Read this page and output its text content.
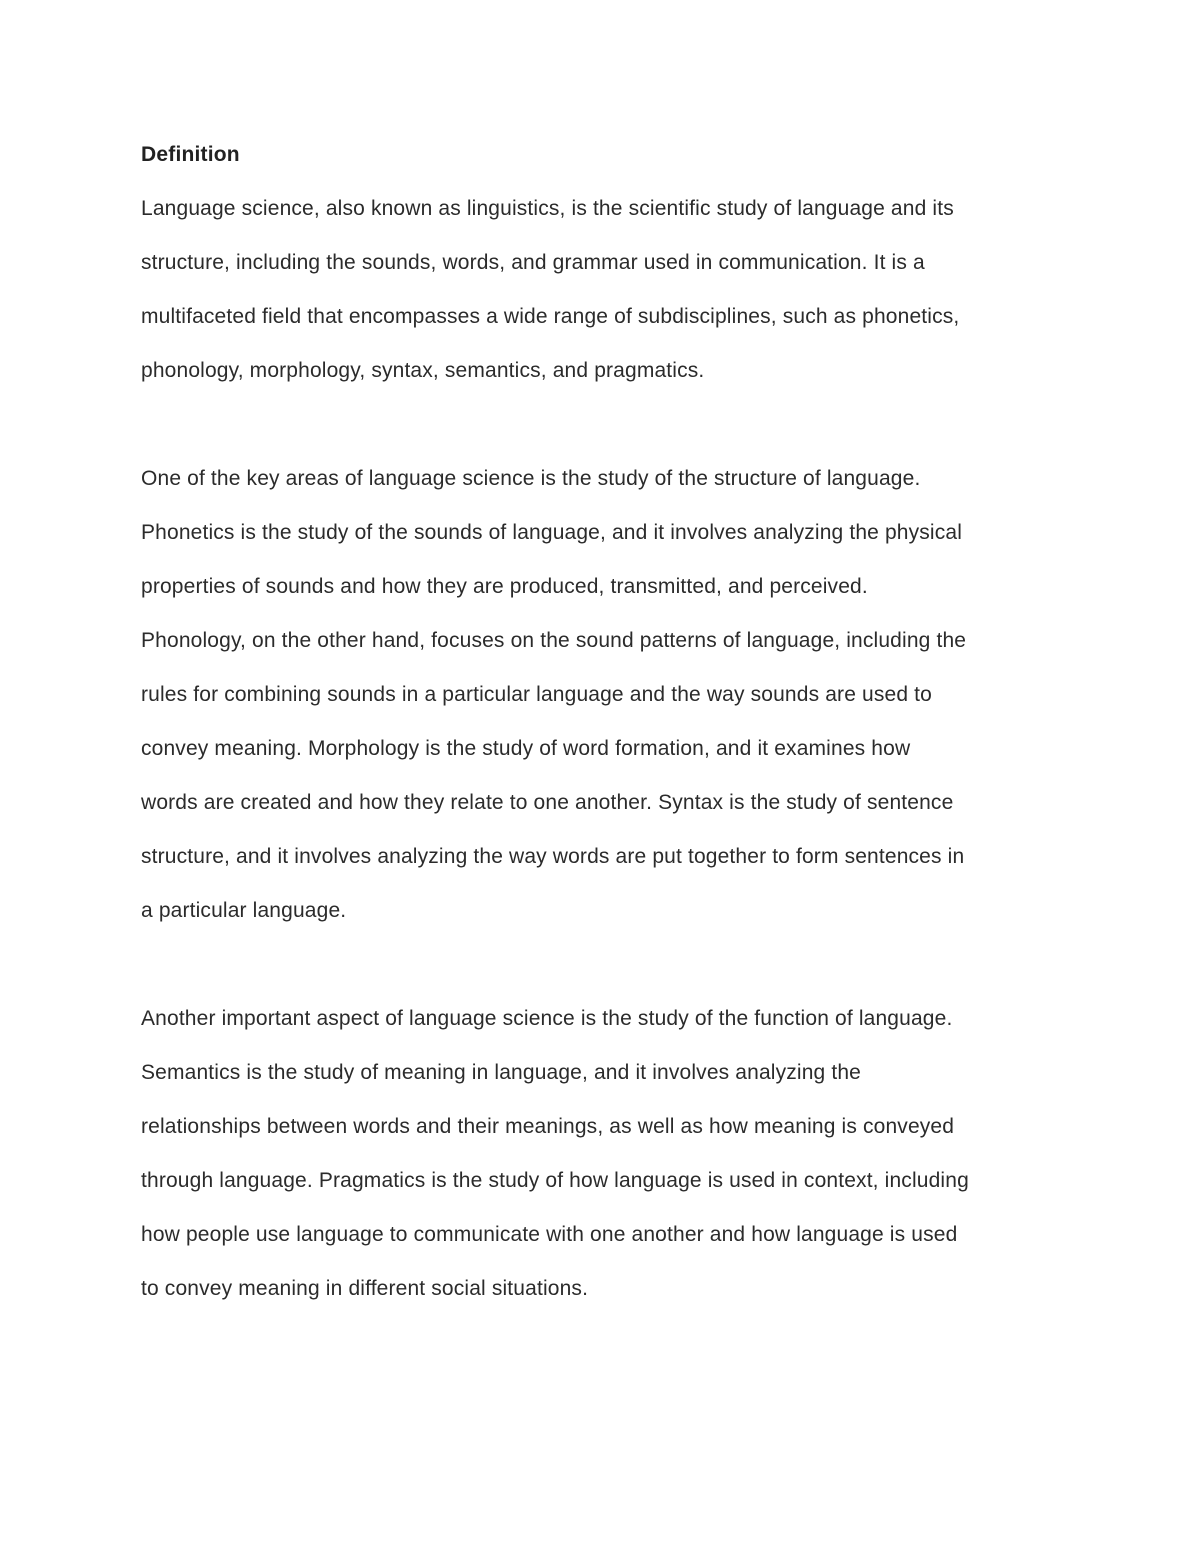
Definition
Language science, also known as linguistics, is the scientific study of language and its
structure, including the sounds, words, and grammar used in communication. It is a
multifaceted field that encompasses a wide range of subdisciplines, such as phonetics,
phonology, morphology, syntax, semantics, and pragmatics.
One of the key areas of language science is the study of the structure of language.
Phonetics is the study of the sounds of language, and it involves analyzing the physical
properties of sounds and how they are produced, transmitted, and perceived.
Phonology, on the other hand, focuses on the sound patterns of language, including the
rules for combining sounds in a particular language and the way sounds are used to
convey meaning. Morphology is the study of word formation, and it examines how
words are created and how they relate to one another. Syntax is the study of sentence
structure, and it involves analyzing the way words are put together to form sentences in
a particular language.
Another important aspect of language science is the study of the function of language.
Semantics is the study of meaning in language, and it involves analyzing the
relationships between words and their meanings, as well as how meaning is conveyed
through language. Pragmatics is the study of how language is used in context, including
how people use language to communicate with one another and how language is used
to convey meaning in different social situations.
